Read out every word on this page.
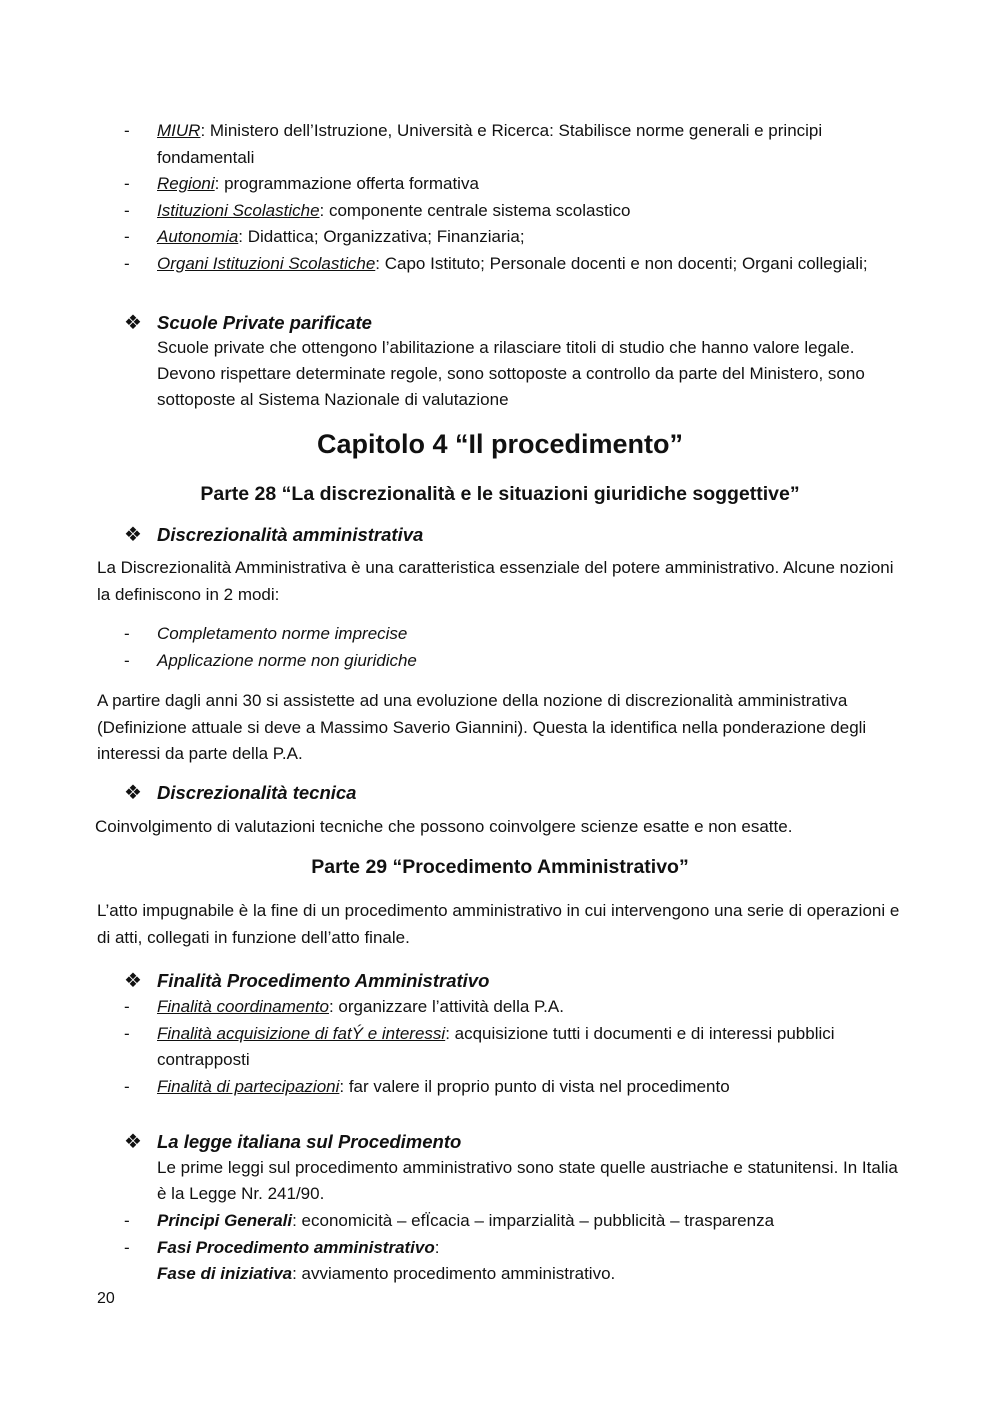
- MIUR: Ministero dell’Istruzione, Università e Ricerca: Stabilisce norme generali e principi fondamentali
- Regioni: programmazione offerta formativa
- Istituzioni Scolastiche: componente centrale sistema scolastico
- Autonomia: Didattica; Organizzativa; Finanziaria;
- Organi Istituzioni Scolastiche: Capo Istituto; Personale docenti e non docenti; Organi collegiali;
❖ Scuole Private parificate
Scuole private che ottengono l’abilitazione a rilasciare titoli di studio che hanno valore legale. Devono rispettare determinate regole, sono sottoposte a controllo da parte del Ministero, sono sottoposte al Sistema Nazionale di valutazione
Capitolo 4 “Il procedimento”
Parte 28 “La discrezionalità e le situazioni giuridiche soggettive”
❖ Discrezionalità amministrativa
La Discrezionalità Amministrativa è una caratteristica essenziale del potere amministrativo. Alcune nozioni la definiscono in 2 modi:
- Completamento norme imprecise
- Applicazione norme non giuridiche
A partire dagli anni 30 si assistette ad una evoluzione della nozione di discrezionalità amministrativa (Definizione attuale si deve a Massimo Saverio Giannini). Questa la identifica nella ponderazione degli interessi da parte della P.A.
❖ Discrezionalità tecnica
Coinvolgimento di valutazioni tecniche che possono coinvolgere scienze esatte e non esatte.
Parte 29 “Procedimento Amministrativo”
L’atto impugnabile è la fine di un procedimento amministrativo in cui intervengono una serie di operazioni e di atti, collegati in funzione dell’atto finale.
❖ Finalità Procedimento Amministrativo
- Finalità coordinamento: organizzare l’attività della P.A.
- Finalità acquisizione di fatÝ e interessi: acquisizione tutti i documenti e di interessi pubblici contrapposti
- Finalità di partecipazioni: far valere il proprio punto di vista nel procedimento
❖ La legge italiana sul Procedimento
Le prime leggi sul procedimento amministrativo sono state quelle austriache e statunitensi. In Italia è la Legge Nr. 241/90.
- Principi Generali: economicità – efÏcacia – imparzialità – pubblicità – trasparenza
- Fasi Procedimento amministrativo:
Fase di iniziativa: avviamento procedimento amministrativo.
20
